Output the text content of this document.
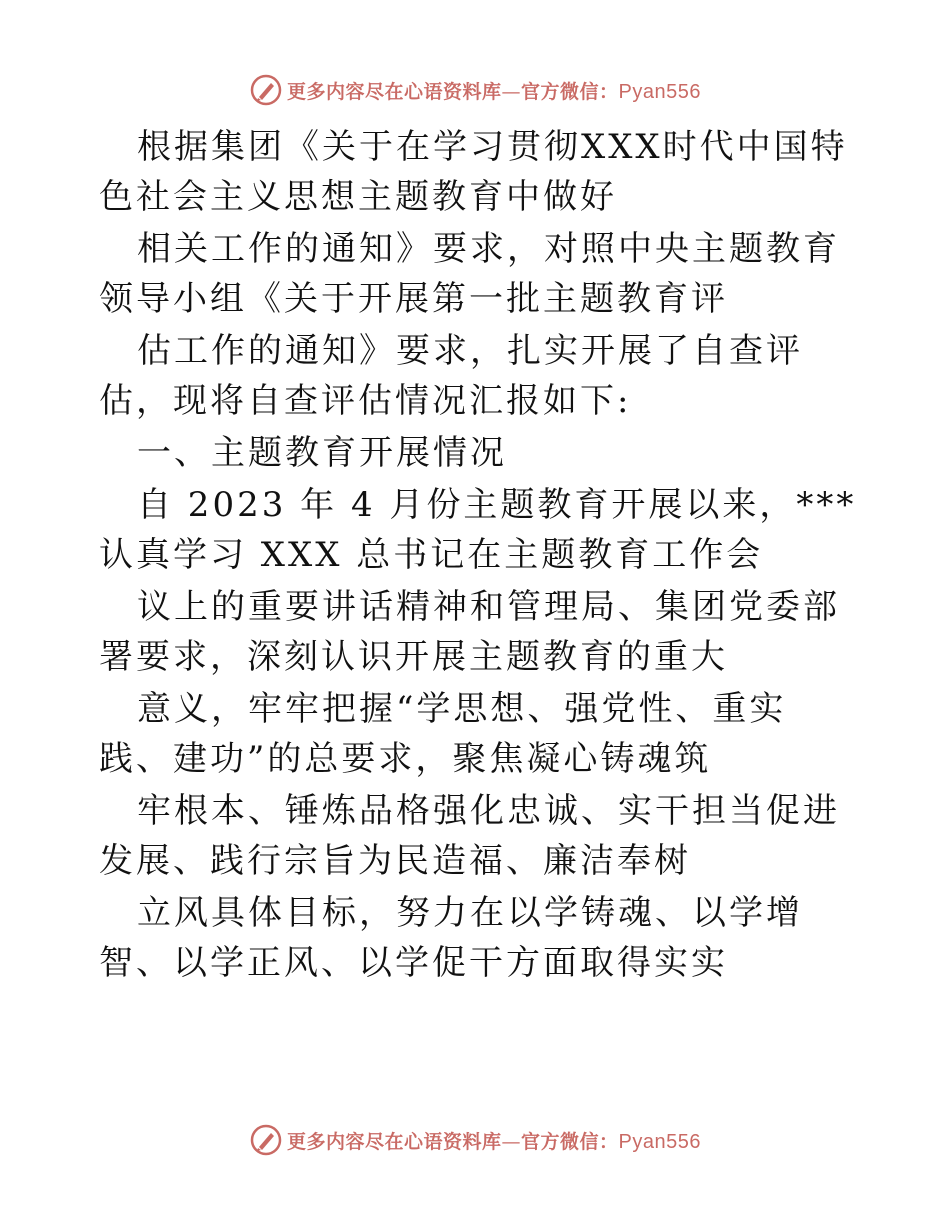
更多内容尽在心语资料库—官方微信：Pyan556

根据集团《关于在学习贯彻XXX时代中国特色社会主义思想主题教育中做好

相关工作的通知》要求，对照中央主题教育领导小组《关于开展第一批主题教育评

估工作的通知》要求，扎实开展了自查评估，现将自查评估情况汇报如下:

一、主题教育开展情况

自 2023 年 4 月份主题教育开展以来，***认真学习 XXX 总书记在主题教育工作会

议上的重要讲话精神和管理局、集团党委部署要求，深刻认识开展主题教育的重大

意义，牢牢把握“学思想、强党性、重实践、建功”的总要求，聚焦凝心铸魂筑

牢根本、锤炼品格强化忠诚、实干担当促进发展、践行宗旨为民造福、廉洁奉树

立风具体目标，努力在以学铸魂、以学增智、以学正风、以学促干方面取得实实

更多内容尽在心语资料库—官方微信：Pyan556
